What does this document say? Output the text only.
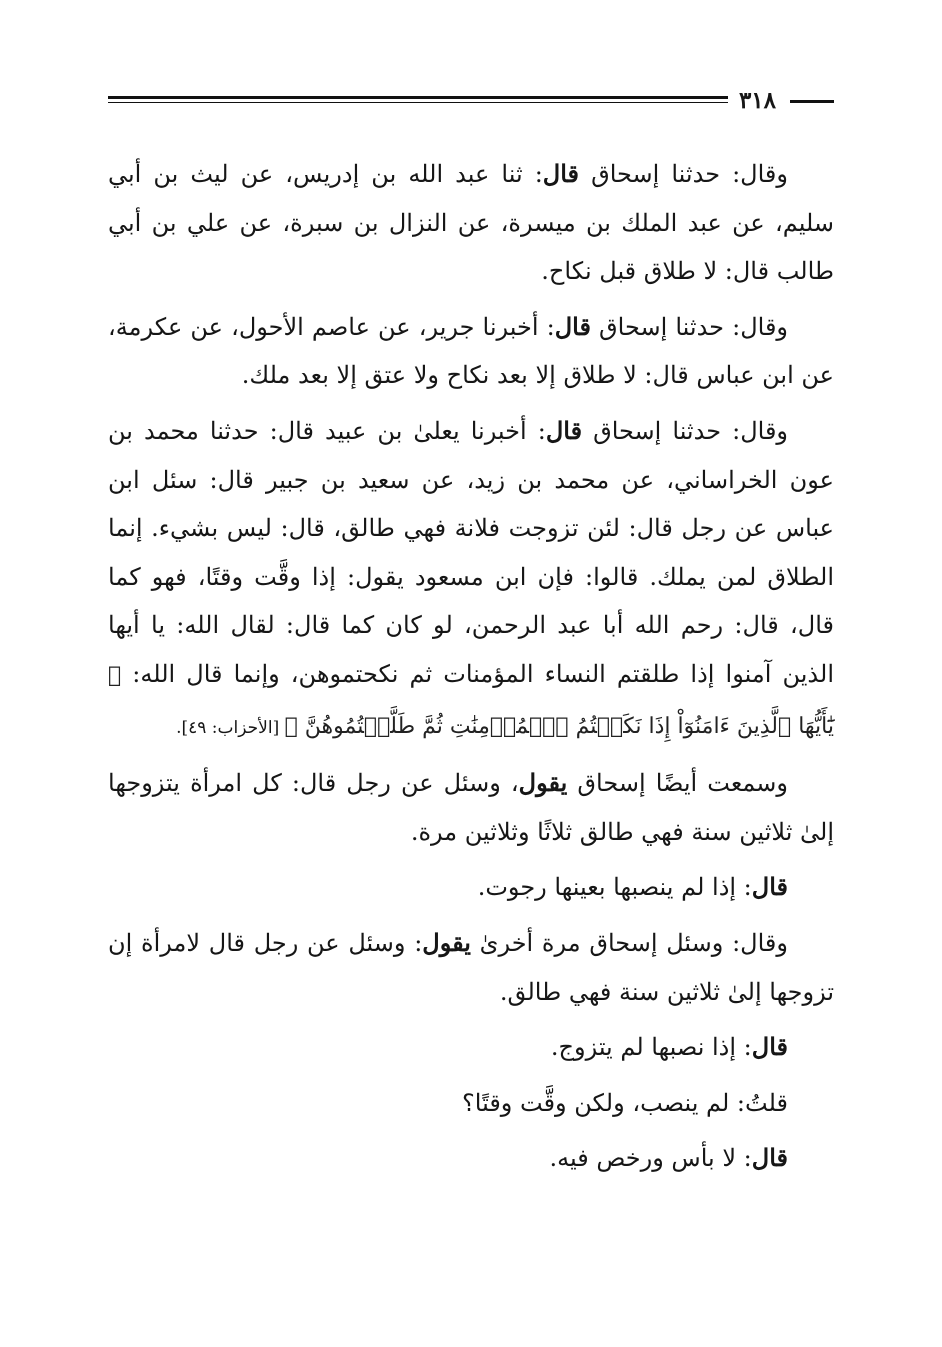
٣١٨

وقال: حدثنا إسحاق قال: ثنا عبد الله بن إدريس، عن ليث بن أبي سليم، عن عبد الملك بن ميسرة، عن النزال بن سبرة، عن علي بن أبي طالب قال: لا طلاق قبل نكاح.

وقال: حدثنا إسحاق قال: أخبرنا جرير، عن عاصم الأحول، عن عكرمة، عن ابن عباس قال: لا طلاق إلا بعد نكاح ولا عتق إلا بعد ملك.

وقال: حدثنا إسحاق قال: أخبرنا يعلىٰ بن عبيد قال: حدثنا محمد بن عون الخراساني، عن محمد بن زيد، عن سعيد بن جبير قال: سئل ابن عباس عن رجل قال: لئن تزوجت فلانة فهي طالق، قال: ليس بشيء. إنما الطلاق لمن يملك. قالوا: فإن ابن مسعود يقول: إذا وقَّت وقتًا، فهو كما قال، قال: رحم الله أبا عبد الرحمن، لو كان كما قال: لقال الله: يا أيها الذين آمنوا إذا طلقتم النساء المؤمنات ثم نكحتموهن، وإنما قال الله: ﴿ يَٰٓأَيُّهَا ٱلَّذِينَ ءَامَنُوٓاْ إِذَا نَكَحۡتُمُ ٱلۡمُؤۡمِنَٰتِ ثُمَّ طَلَّقۡتُمُوهُنَّ ﴾ [الأحزاب: ٤٩].

وسمعت أيضًا إسحاق يقول، وسئل عن رجل قال: كل امرأة يتزوجها إلىٰ ثلاثين سنة فهي طالق ثلاثًا وثلاثين مرة.

قال: إذا لم ينصبها بعينها رجوت.

وقال: وسئل إسحاق مرة أخرىٰ يقول: وسئل عن رجل قال لامرأة إن تزوجها إلىٰ ثلاثين سنة فهي طالق.

قال: إذا نصبها لم يتزوج.

قلتُ: لم ينصب، ولكن وقَّت وقتًا؟

قال: لا بأس ورخص فيه.
